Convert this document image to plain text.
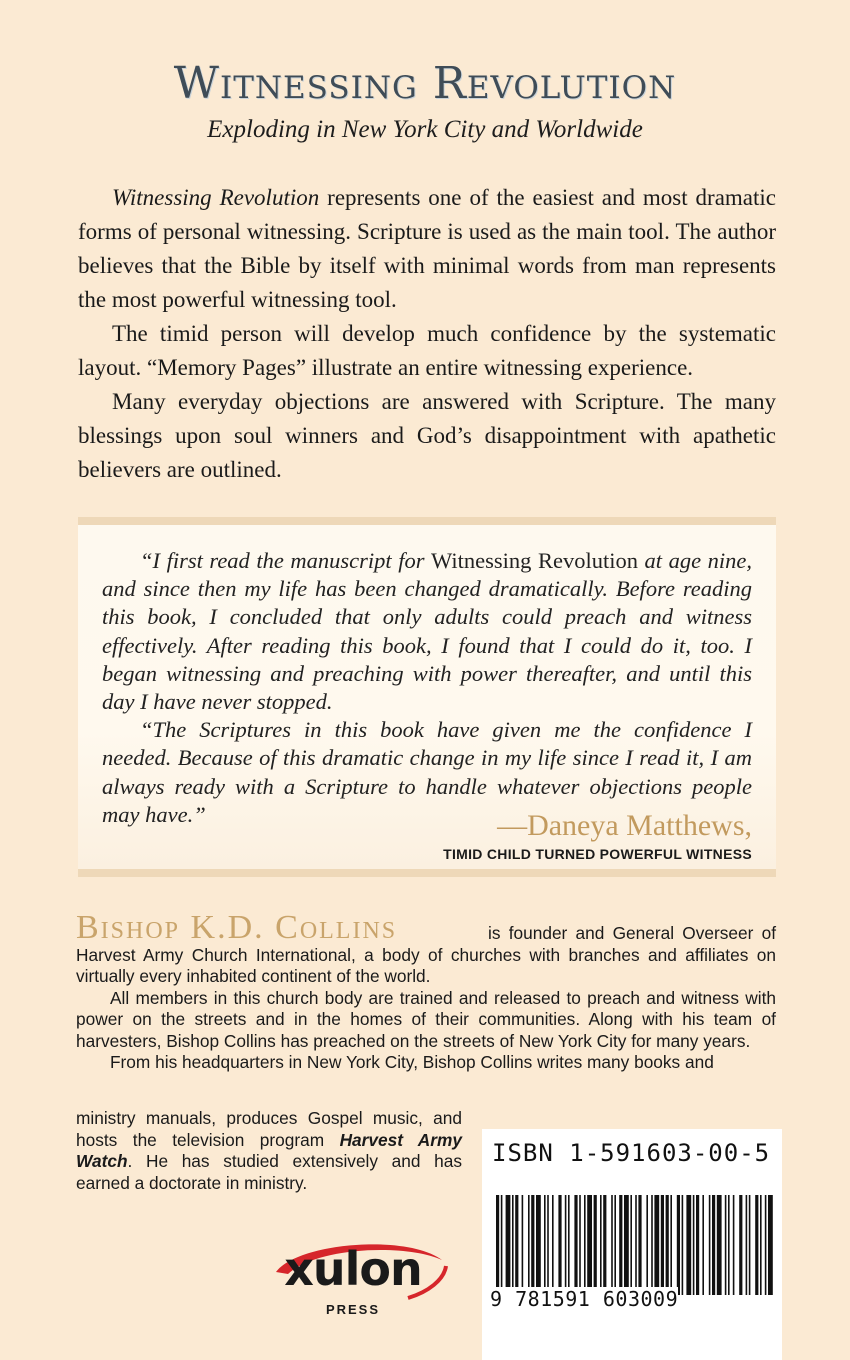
Witnessing Revolution
Exploding in New York City and Worldwide

Witnessing Revolution represents one of the easiest and most dramatic forms of personal witnessing. Scripture is used as the main tool. The author believes that the Bible by itself with minimal words from man represents the most powerful witnessing tool.

The timid person will develop much confidence by the systematic layout. “Memory Pages” illustrate an entire witnessing experience.

Many everyday objections are answered with Scripture. The many blessings upon soul winners and God’s disappointment with apathetic believers are outlined.

“I first read the manuscript for Witnessing Revolution at age nine, and since then my life has been changed dramatically. Before reading this book, I concluded that only adults could preach and witness effectively. After reading this book, I found that I could do it, too. I began witnessing and preaching with power thereafter, and until this day I have never stopped.

“The Scriptures in this book have given me the confidence I needed. Because of this dramatic change in my life since I read it, I am always ready with a Scripture to handle whatever objections people may have.”	—Daneya Matthews,
TIMID CHILD TURNED POWERFUL WITNESS
Bishop K.D. Collins	is founder and General Overseer of Harvest Army Church International, a body of churches with branches and affiliates on virtually every inhabited continent of the world.

All members in this church body are trained and released to preach and witness with power on the streets and in the homes of their communities. Along with his team of harvesters, Bishop Collins has preached on the streets of New York City for many years.

From his headquarters in New York City, Bishop Collins writes many books and

ministry manuals, produces Gospel music, and hosts the television program Harvest Army Watch. He has studied extensively and has earned a doctorate in ministry.
ISBN 1-591603-00-5
9 781591 603009
xulon
PRESS
